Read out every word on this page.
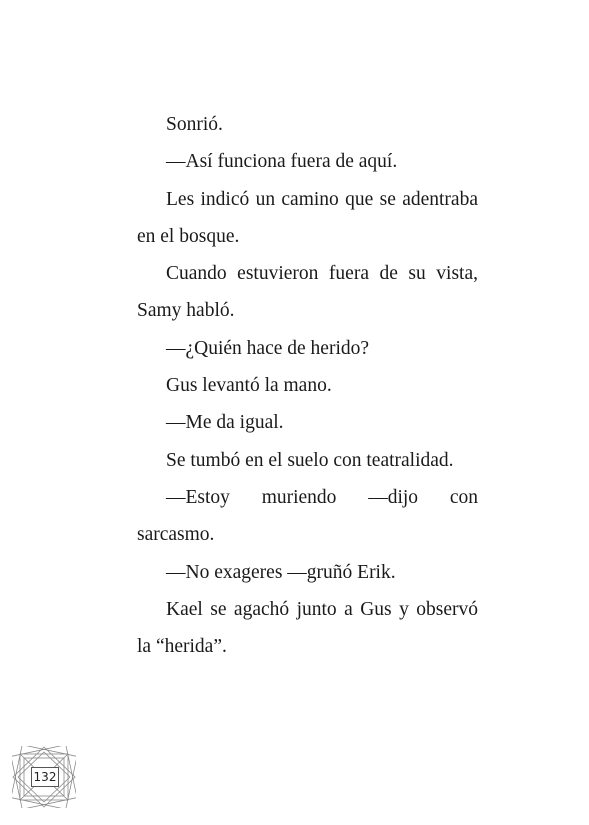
Sonrió.

—Así funciona fuera de aquí.

Les indicó un camino que se adentraba en el bosque.

Cuando estuvieron fuera de su vista, Samy habló.

—¿Quién hace de herido?

Gus levantó la mano.

—Me da igual.

Se tumbó en el suelo con teatralidad.

—Estoy muriendo —dijo con sarcasmo.

—No exageres —gruñó Erik.

Kael se agachó junto a Gus y observó la “herida”.

132
